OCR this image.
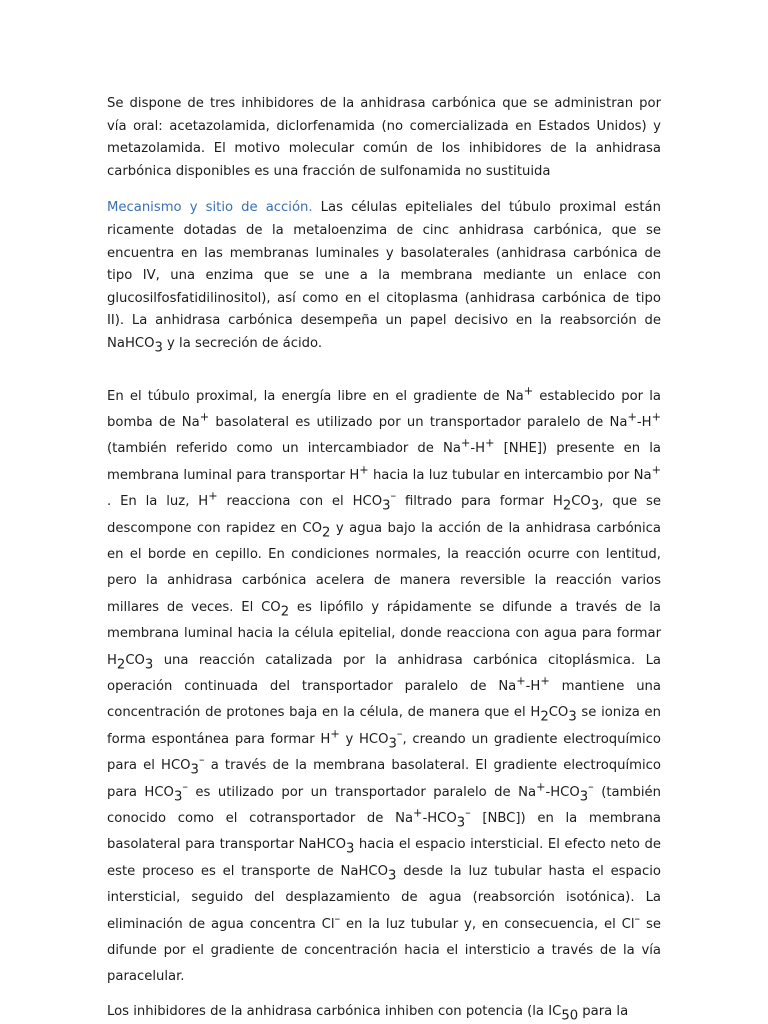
Se dispone de tres inhibidores de la anhidrasa carbónica que se administran por vía oral: acetazolamida, diclorfenamida (no comercializada en Estados Unidos) y metazolamida. El motivo molecular común de los inhibidores de la anhidrasa carbónica disponibles es una fracción de sulfonamida no sustituida

Mecanismo y sitio de acción. Las células epiteliales del túbulo proximal están ricamente dotadas de la metaloenzima de cinc anhidrasa carbónica, que se encuentra en las membranas luminales y basolaterales (anhidrasa carbónica de tipo IV, una enzima que se une a la membrana mediante un enlace con glucosilfosfatidilinositol), así como en el citoplasma (anhidrasa carbónica de tipo II). La anhidrasa carbónica desempeña un papel decisivo en la reabsorción de NaHCO$_3$ y la secreción de ácido.

En el túbulo proximal, la energía libre en el gradiente de Na+ establecido por la bomba de Na+ basolateral es utilizado por un transportador paralelo de Na+-H+ (también referido como un intercambiador de Na+-H+ [NHE]) presente en la membrana luminal para transportar H+ hacia la luz tubular en intercambio por Na+ . En la luz, H+ reacciona con el $HCO_3^-$ filtrado para formar $H_2CO_3$, que se descompone con rapidez en $CO_2$ y agua bajo la acción de la anhidrasa carbónica en el borde en cepillo. En condiciones normales, la reacción ocurre con lentitud, pero la anhidrasa carbónica acelera de manera reversible la reacción varios millares de veces. El $CO_2$ es lipófilo y rápidamente se difunde a través de la membrana luminal hacia la célula epitelial, donde reacciona con agua para formar $H_2CO_3$ una reacción catalizada por la anhidrasa carbónica citoplásmica. La operación continuada del transportador paralelo de Na+-H+ mantiene una concentración de protones baja en la célula, de manera que el $H_2CO_3$ se ioniza en forma espontánea para formar H+ y $HCO_3^-$, creando un gradiente electroquímico para el $HCO_3^-$ a través de la membrana basolateral. El gradiente electroquímico para $HCO_3^-$ es utilizado por un transportador paralelo de $Na^+-HCO_3^-$ (también conocido como el cotransportador de $Na^+-HCO_3^-$ [NBC]) en la membrana basolateral para transportar NaHCO$_3$ hacia el espacio intersticial. El efecto neto de este proceso es el transporte de NaHCO$_3$ desde la luz tubular hasta el espacio intersticial, seguido del desplazamiento de agua (reabsorción isotónica). La eliminación de agua concentra Cl– en la luz tubular y, en consecuencia, el Cl– se difunde por el gradiente de concentración hacia el intersticio a través de la vía paracelular.

Los inhibidores de la anhidrasa carbónica inhiben con potencia (la $IC_{50}$ para la
